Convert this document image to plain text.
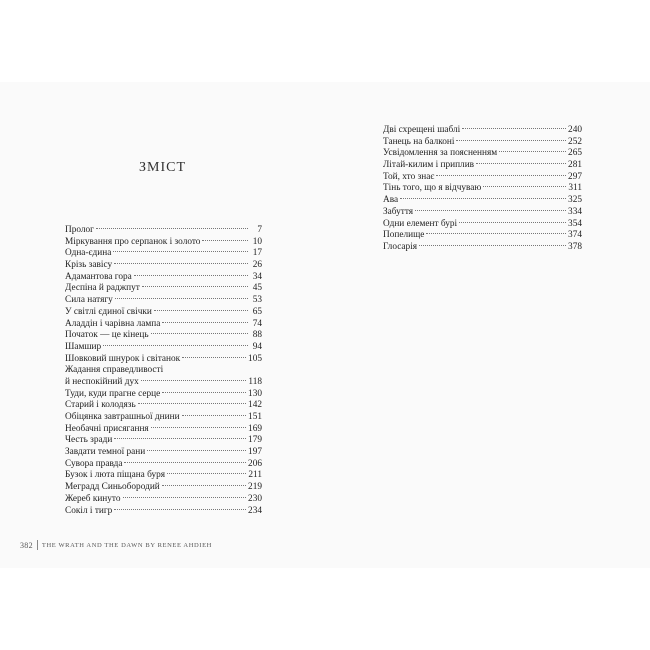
ЗМІСТ
Пролог	7
Міркування про серпанок і золото	10
Одна-єдина	17
Крізь завісу	26
Адамантова гора	34
Деспіна й раджпут	45
Сила натягу	53
У світлі єдиної свічки	65
Аладдін і чарівна лампа	74
Початок — це кінець	88
Шамшир	94
Шовковий шнурок і світанок	105
Жадання справедливості
й неспокійний дух	118
Туди, куди прагне серце	130
Старий і колодязь	142
Обіцянка завтрашньої днини	151
Необачні присягання	169
Честь зради	179
Завдати темної рани	197
Сувора правда	206
Бузок і люта піщана буря	211
Меградд Синьобородий	219
Жереб кинуто	230
Сокіл і тигр	234
382 THE WRATH AND THE DAWN BY RENEE AHDIEH
Дві схрещені шаблі	240
Танець на балконі	252
Усвідомлення за поясненням	265
Літай-килим і приплив	281
Той, хто знає	297
Тінь того, що я відчуваю	311
Ава	325
Забуття	334
Одни елемент бурі	354
Попелище	374
Глосарія	378
